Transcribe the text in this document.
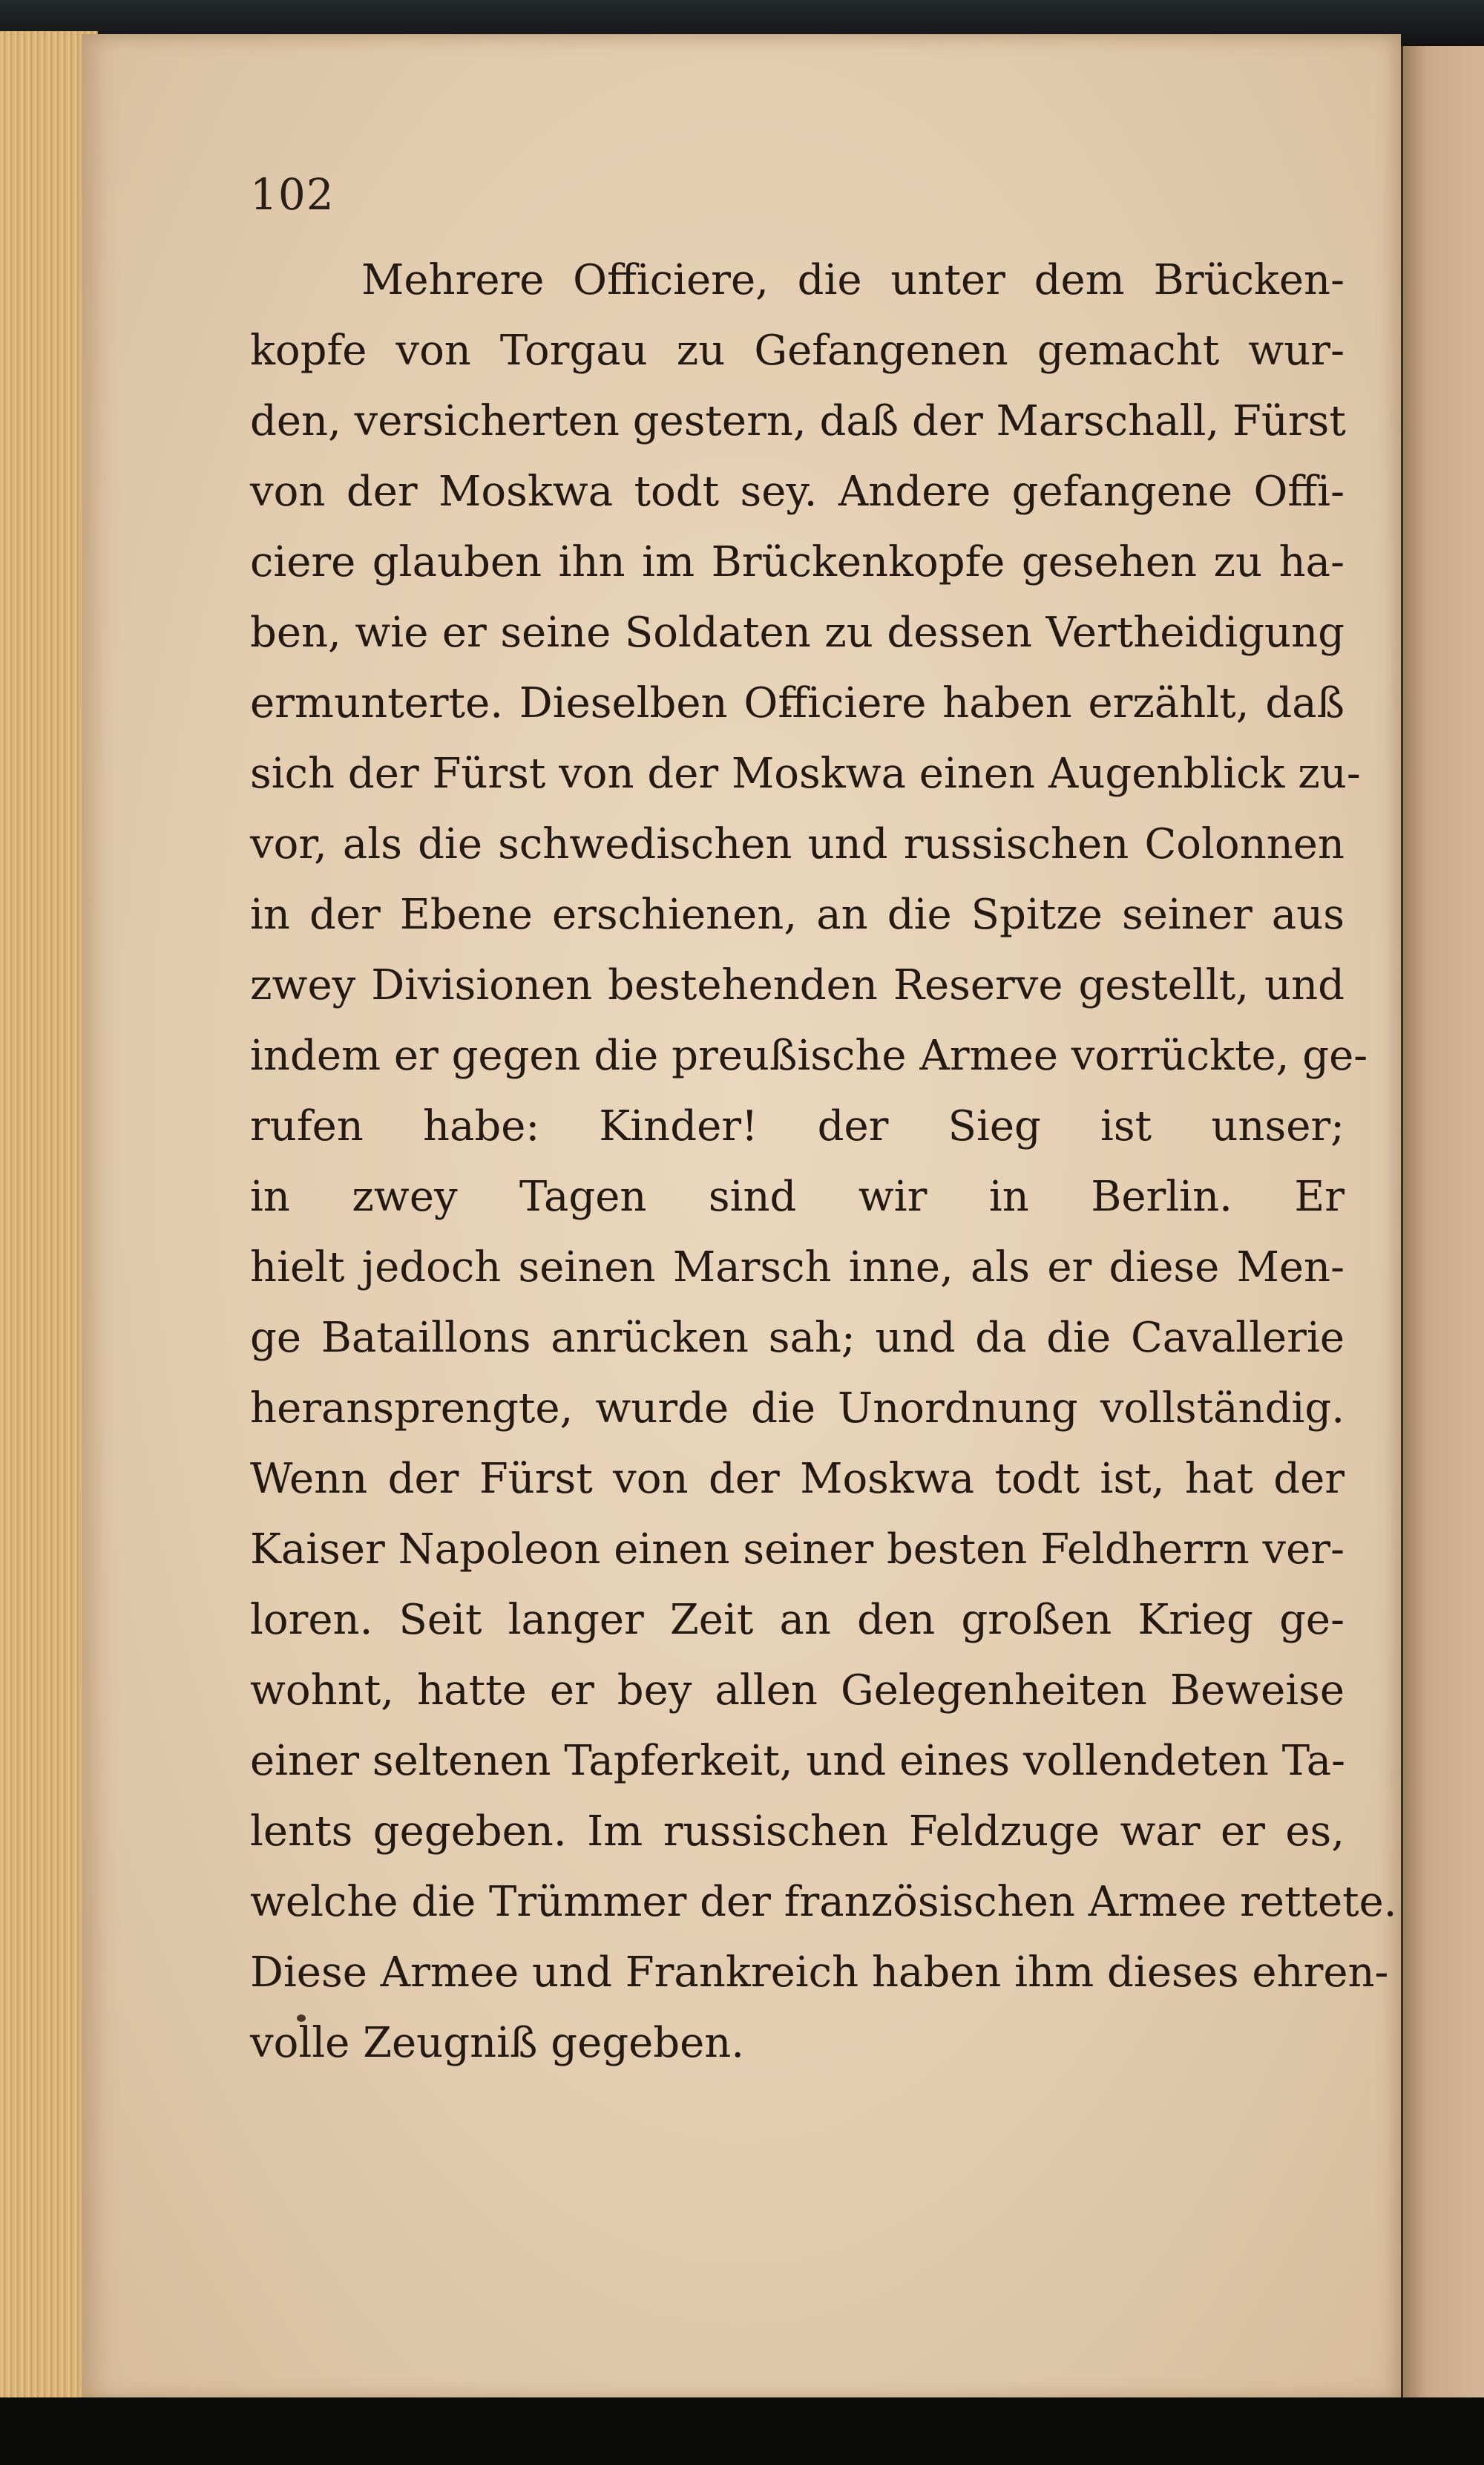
102
Mehrere Officiere, die unter dem Brücken-
kopfe von Torgau zu Gefangenen gemacht wur-
den, versicherten gestern, daß der Marschall, Fürst
von der Moskwa todt sey. Andere gefangene Offi-
ciere glauben ihn im Brückenkopfe gesehen zu ha-
ben, wie er seine Soldaten zu dessen Vertheidigung
ermunterte. Dieselben Officiere haben erzählt, daß
sich der Fürst von der Moskwa einen Augenblick zu-
vor, als die schwedischen und russischen Colonnen
in der Ebene erschienen, an die Spitze seiner aus
zwey Divisionen bestehenden Reserve gestellt, und
indem er gegen die preußische Armee vorrückte, ge-
rufen habe: Kinder! der Sieg ist unser;
in zwey Tagen sind wir in Berlin. Er
hielt jedoch seinen Marsch inne, als er diese Men-
ge Bataillons anrücken sah; und da die Cavallerie
heransprengte, wurde die Unordnung vollständig.
Wenn der Fürst von der Moskwa todt ist, hat der
Kaiser Napoleon einen seiner besten Feldherrn ver-
loren. Seit langer Zeit an den großen Krieg ge-
wohnt, hatte er bey allen Gelegenheiten Beweise
einer seltenen Tapferkeit, und eines vollendeten Ta-
lents gegeben. Im russischen Feldzuge war er es,
welche die Trümmer der französischen Armee rettete.
Diese Armee und Frankreich haben ihm dieses ehren-
volle Zeugniß gegeben.
